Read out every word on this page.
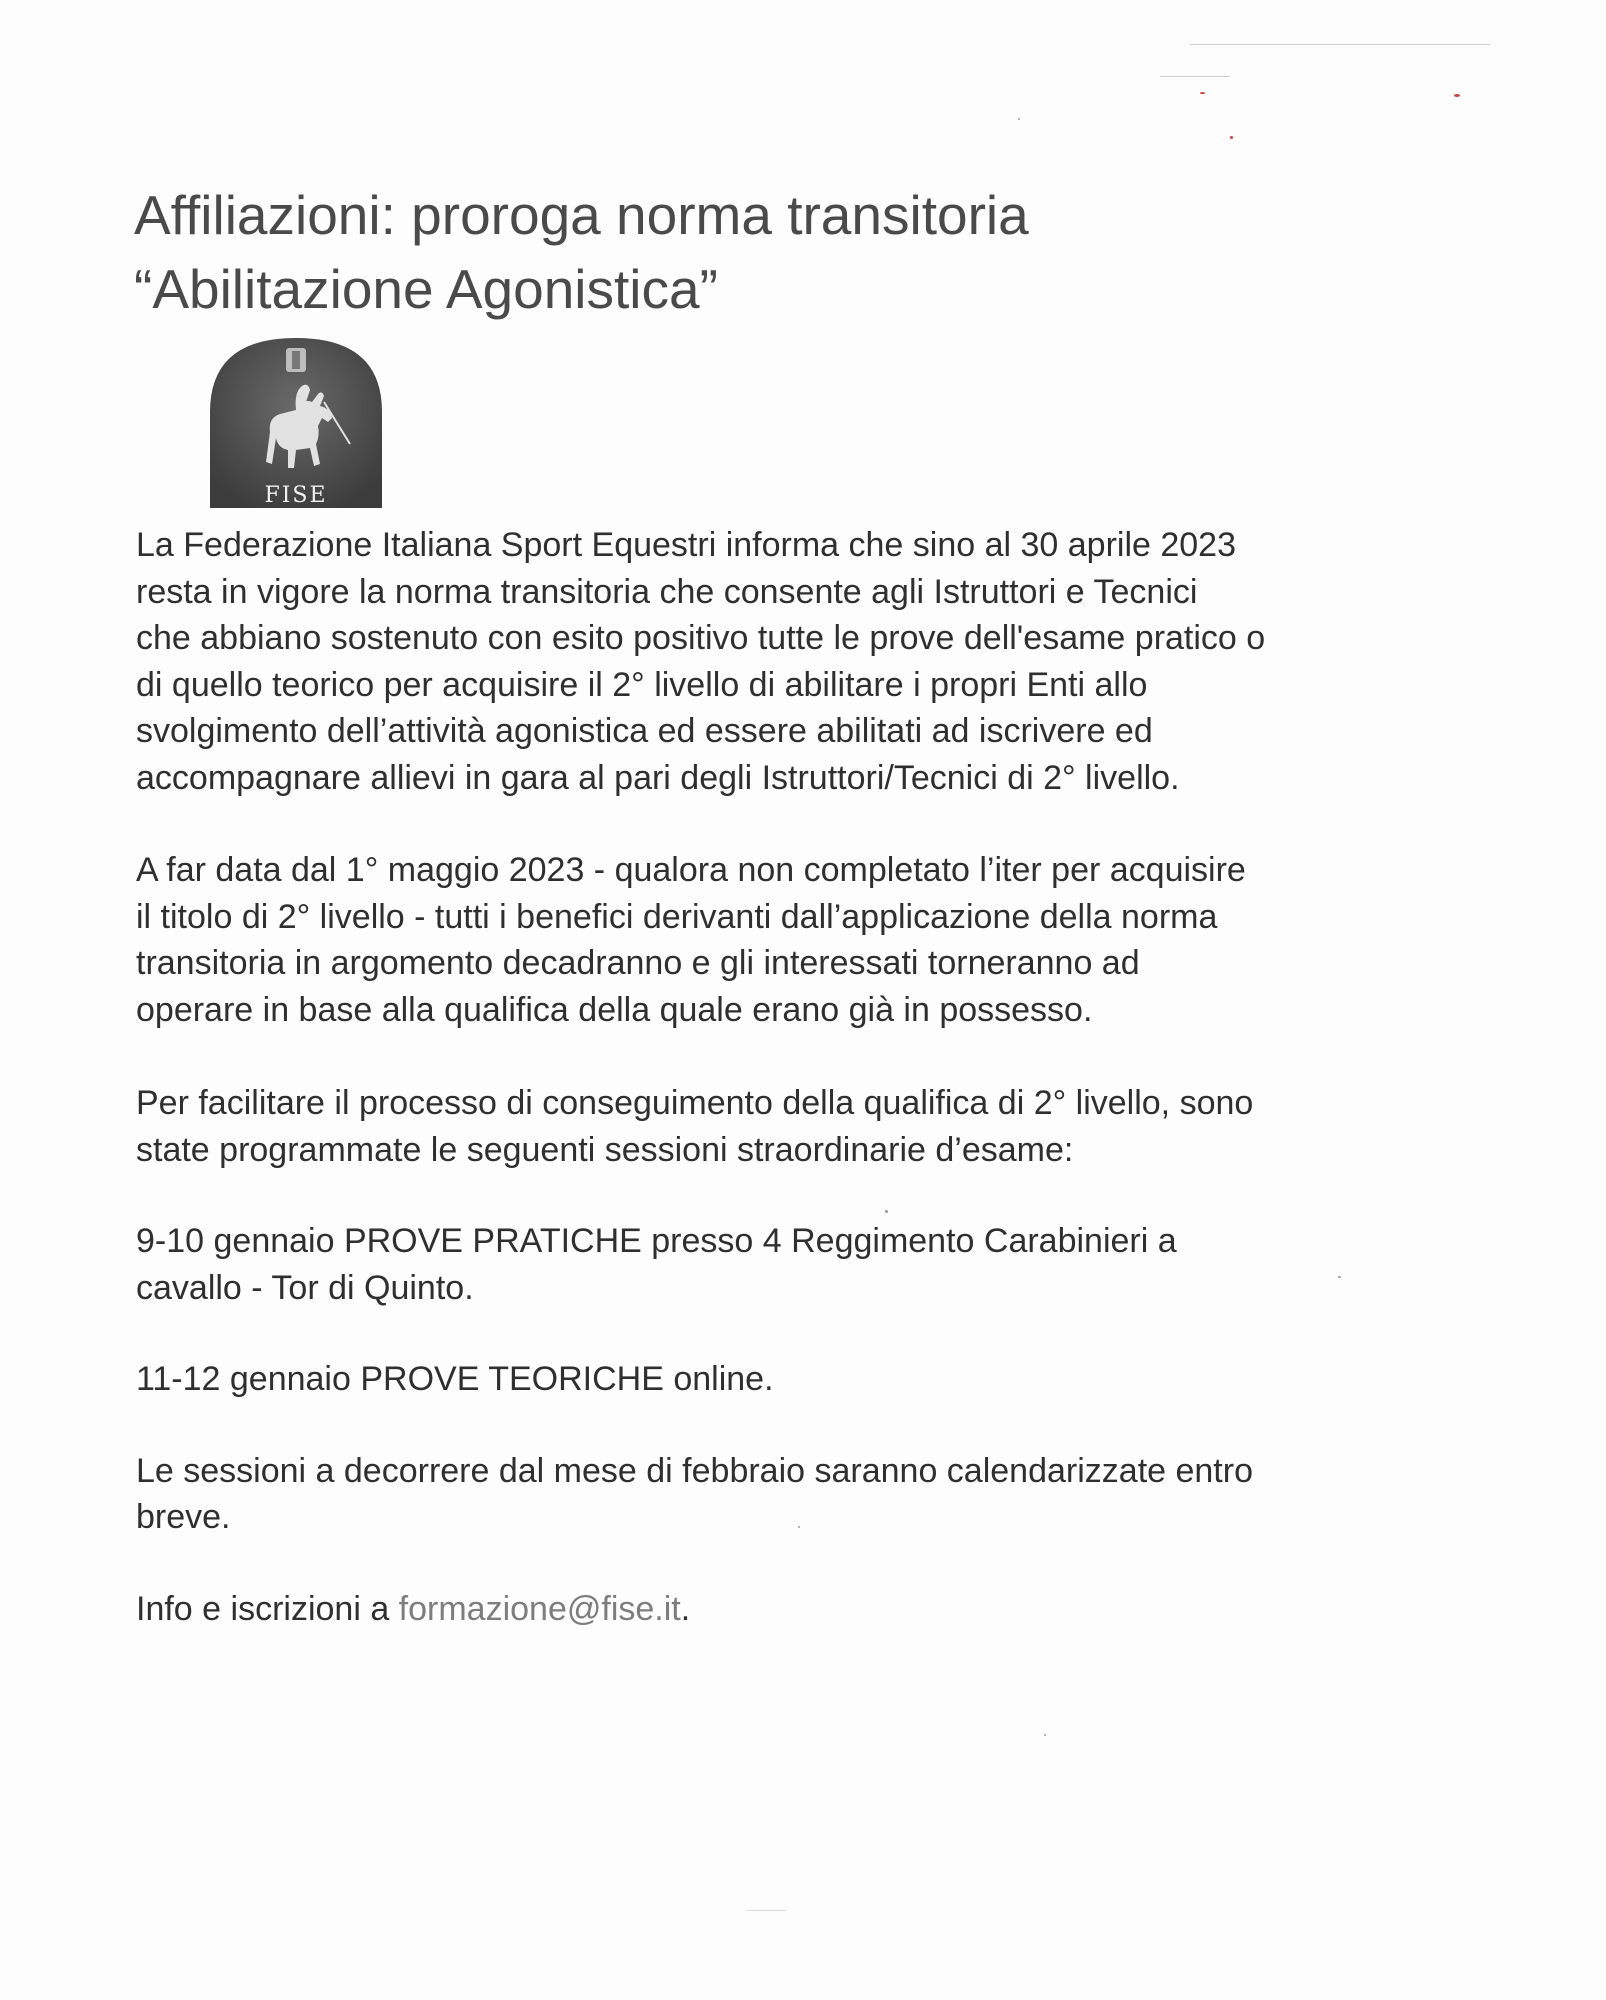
Affiliazioni: proroga norma transitoria
“Abilitazione Agonistica”
FISE

La Federazione Italiana Sport Equestri informa che sino al 30 aprile 2023
resta in vigore la norma transitoria che consente agli Istruttori e Tecnici
che abbiano sostenuto con esito positivo tutte le prove dell'esame pratico o
di quello teorico per acquisire il 2° livello di abilitare i propri Enti allo
svolgimento dell’attività agonistica ed essere abilitati ad iscrivere ed
accompagnare allievi in gara al pari degli Istruttori/Tecnici di 2° livello.

A far data dal 1° maggio 2023 - qualora non completato l’iter per acquisire
il titolo di 2° livello - tutti i benefici derivanti dall’applicazione della norma
transitoria in argomento decadranno e gli interessati torneranno ad
operare in base alla qualifica della quale erano già in possesso.

Per facilitare il processo di conseguimento della qualifica di 2° livello, sono
state programmate le seguenti sessioni straordinarie d’esame:

9-10 gennaio PROVE PRATICHE presso 4 Reggimento Carabinieri a
cavallo - Tor di Quinto.

11-12 gennaio PROVE TEORICHE online.

Le sessioni a decorrere dal mese di febbraio saranno calendarizzate entro
breve.

Info e iscrizioni a formazione@fise.it.
